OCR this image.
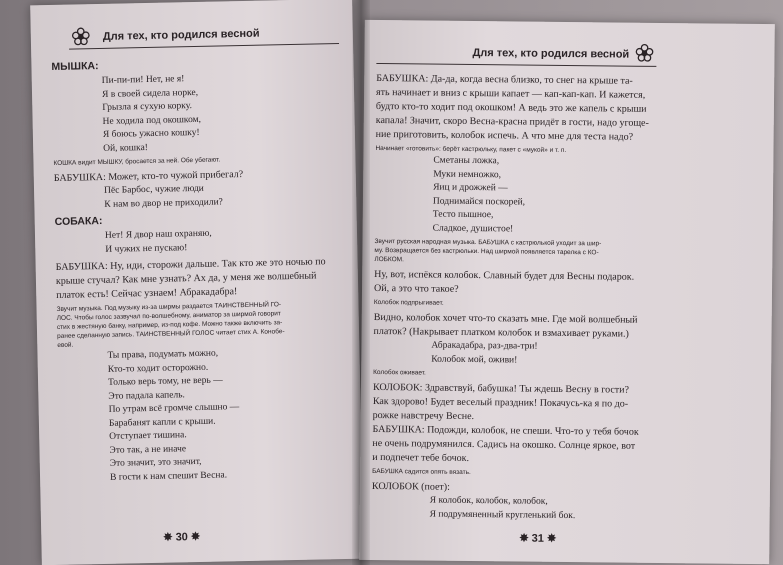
Для тех, кто родился весной
МЫШКА:
Пи-пи-пи! Нет, не я!
Я в своей сидела норке,
Грызла я сухую корку.
Не ходила под окошком,
Я боюсь ужасно кошку!
Ой, кошка!
КОШКА видит МЫШКУ, бросается за ней. Обе убегают.
БАБУШКА: Может, кто-то чужой прибегал?
Пёс Барбос, чужие люди
К нам во двор не приходили?
СОБАКА:
Нет! Я двор наш охраняю,
И чужих не пускаю!
БАБУШКА: Ну, иди, сторожи дальше. Так кто же это ночью по
крыше стучал? Как мне узнать? Ах да, у меня же волшебный
платок есть! Сейчас узнаем! Абракадабра!
Звучит музыка. Под музыку из-за ширмы раздается ТАИНСТВЕННЫЙ ГО-
ЛОС. Чтобы голос зазвучал по-волшебному, аниматор за ширмой говорит
стих в жестяную банку, например, из-под кофе. Можно также включить за-
ранее сделанную запись. ТАИНСТВЕННЫЙ ГОЛОС читает стих А. Конобе-
евой.
Ты права, подумать можно,
Кто-то ходит осторожно.
Только верь тому, не верь —
Это падала капель.
По утрам всё громче слышно —
Барабанят капли с крыши.
Отступает тишина.
Это так, а не иначе
Это значит, это значит,
В гости к нам спешит Весна.
✸ 30 ✸
Для тех, кто родился весной
БАБУШКА: Да-да, когда весна близко, то снег на крыше та-
ять начинает и вниз с крыши капает — кап-кап-кап. И кажется,
будто кто-то ходит под окошком! А ведь это же капель с крыши
капала! Значит, скоро Весна-красна придёт в гости, надо угоще-
ние приготовить, колобок испечь. А что мне для теста надо?
Начинает «готовить»: берёт кастрюльку, пакет с «мукой» и т. п.
Сметаны ложка,
Муки немножко,
Яиц и дрожжей —
Поднимайся поскорей,
Тесто пышное,
Сладкое, душистое!
Звучит русская народная музыка. БАБУШКА с кастрюлькой уходит за шир-
му. Возвращается без кастрюльки. Над ширмой появляется тарелка с КО-
ЛОБКОМ.
Ну, вот, испёкся колобок. Славный будет для Весны подарок.
Ой, а это что такое?
Колобок подпрыгивает.
Видно, колобок хочет что-то сказать мне. Где мой волшебный
платок? (Накрывает платком колобок и взмахивает руками.)
Абракадабра, раз-два-три!
Колобок мой, оживи!
Колобок оживает.
КОЛОБОК: Здравствуй, бабушка! Ты ждешь Весну в гости?
Как здорово! Будет веселый праздник! Покачусь-ка я по до-
рожке навстречу Весне.
БАБУШКА: Подожди, колобок, не спеши. Что-то у тебя бочок
не очень подрумянился. Садись на окошко. Солнце яркое, вот
и подпечет тебе бочок.
БАБУШКА садится опять вязать.
КОЛОБОК (поет):
Я колобок, колобок, колобок,
Я подрумяненный кругленький бок.
✸ 31 ✸
